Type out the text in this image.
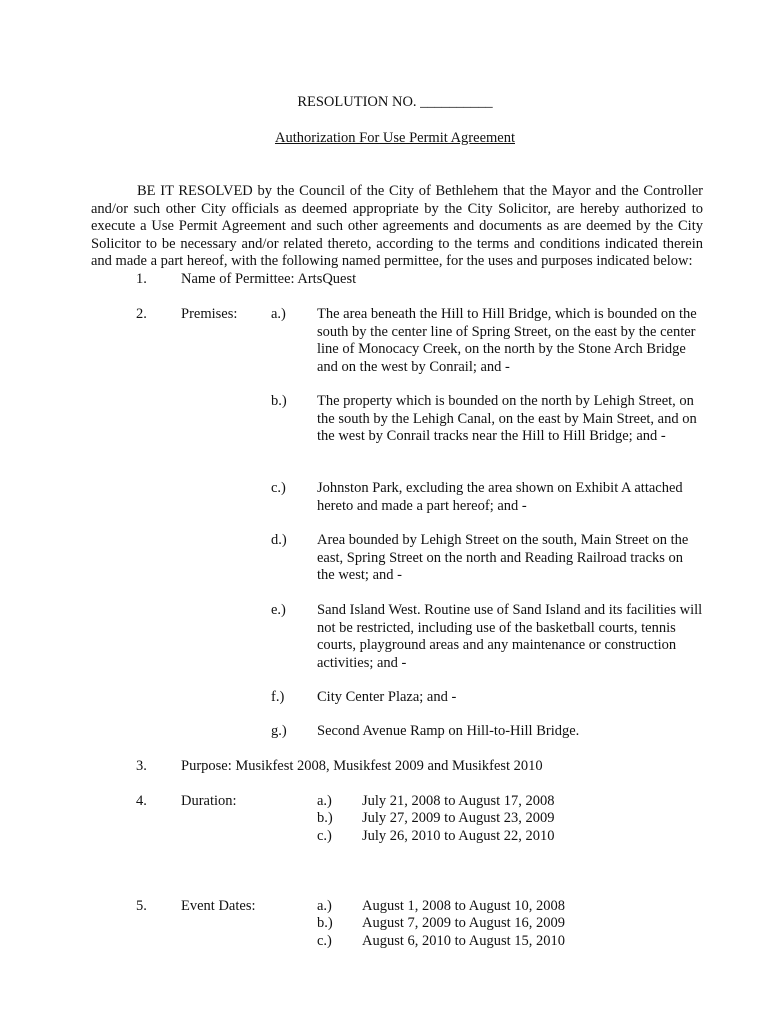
RESOLUTION NO. __________
Authorization For Use Permit Agreement

BE IT RESOLVED by the Council of the City of Bethlehem that the Mayor and the Controller and/or such other City officials as deemed appropriate by the City Solicitor, are hereby authorized to execute a Use Permit Agreement and such other agreements and documents as are deemed by the City Solicitor to be necessary and/or related thereto, according to the terms and conditions indicated therein and made a part hereof, with the following named permittee, for the uses and purposes indicated below:

1. Name of Permittee: ArtsQuest
2. Premises: a.) The area beneath the Hill to Hill Bridge, which is bounded on the south by the center line of Spring Street, on the east by the center line of Monocacy Creek, on the north by the Stone Arch Bridge and on the west by Conrail; and -
b.) The property which is bounded on the north by Lehigh Street, on the south by the Lehigh Canal, on the east by Main Street, and on the west by Conrail tracks near the Hill to Hill Bridge; and -
c.) Johnston Park, excluding the area shown on Exhibit A attached hereto and made a part hereof; and -
d.) Area bounded by Lehigh Street on the south, Main Street on the east, Spring Street on the north and Reading Railroad tracks on the west; and -
e.) Sand Island West. Routine use of Sand Island and its facilities will not be restricted, including use of the basketball courts, tennis courts, playground areas and any maintenance or construction activities; and -
f.) City Center Plaza; and -
g.) Second Avenue Ramp on Hill-to-Hill Bridge.
3. Purpose: Musikfest 2008, Musikfest 2009 and Musikfest 2010
4. Duration:	a.) July 21, 2008 to August 17, 2008
b.) July 27, 2009 to August 23, 2009
c.) July 26, 2010 to August 22, 2010
5. Event Dates:	a.) August 1, 2008 to August 10, 2008
b.) August 7, 2009 to August 16, 2009
c.) August 6, 2010 to August 15, 2010
